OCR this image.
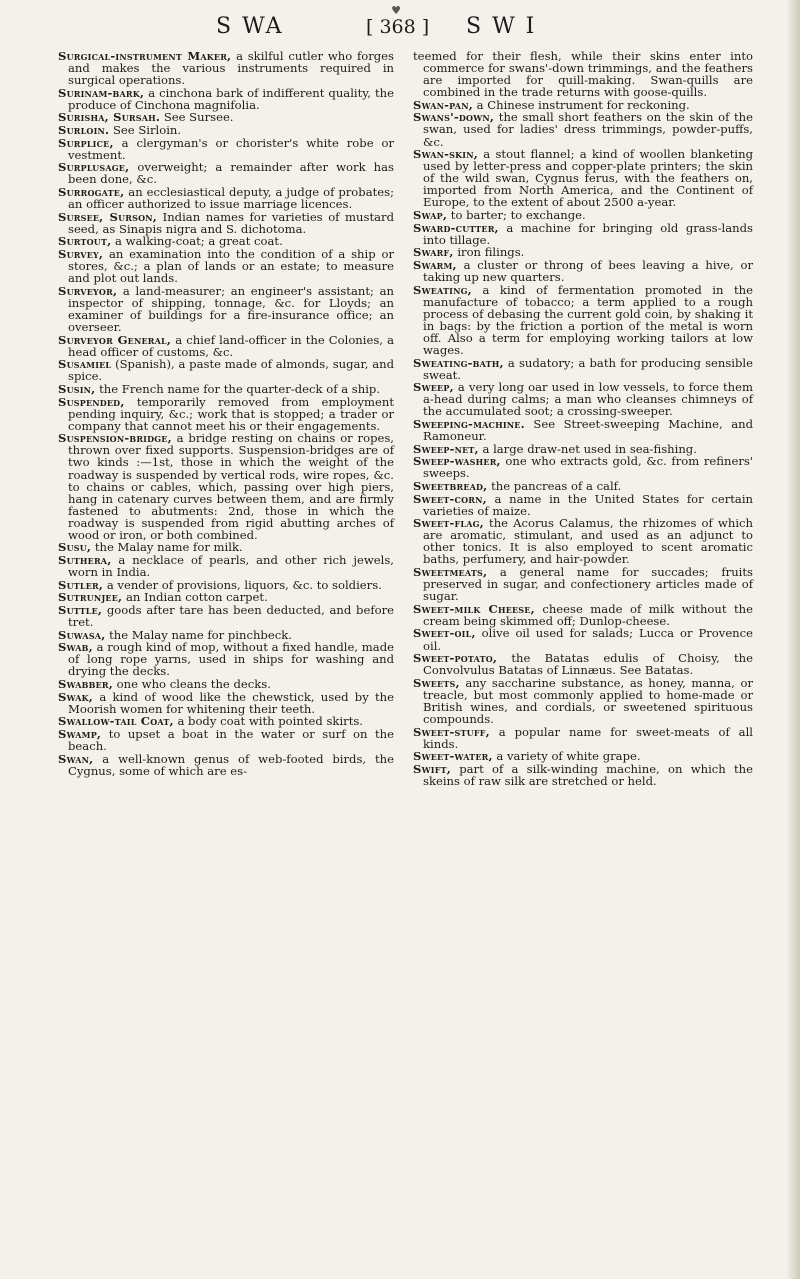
♥
S WA	[ 368 ] S W I

Surgical-instrument Maker, a skilful cutler who forges and makes the various instruments required in surgical operations.

Surinam-bark, a cinchona bark of indifferent quality, the produce of Cinchona magnifolia.

Surisha, Sursah. See Sursee.

Surloin. See Sirloin.

Surplice, a clergyman's or chorister's white robe or vestment.

Surplusage, overweight; a remainder after work has been done, &c.

Surrogate, an ecclesiastical deputy, a judge of probates; an officer authorized to issue marriage licences.

Sursee, Surson, Indian names for varieties of mustard seed, as Sinapis nigra and S. dichotoma.

Surtout, a walking-coat; a great coat.

Survey, an examination into the condition of a ship or stores, &c.; a plan of lands or an estate; to measure and plot out lands.

Surveyor, a land-measurer; an engineer's assistant; an inspector of shipping, tonnage, &c. for Lloyds; an examiner of buildings for a fire-insurance office; an overseer.

Surveyor General, a chief land-officer in the Colonies, a head officer of customs, &c.

Susamiel (Spanish), a paste made of almonds, sugar, and spice.

Susin, the French name for the quarter-deck of a ship.

Suspended, temporarily removed from employment pending inquiry, &c.; work that is stopped; a trader or company that cannot meet his or their engagements.

Suspension-bridge, a bridge resting on chains or ropes, thrown over fixed supports. Suspension-bridges are of two kinds :—1st, those in which the weight of the roadway is suspended by vertical rods, wire ropes, &c. to chains or cables, which, passing over high piers, hang in catenary curves between them, and are firmly fastened to abutments: 2nd, those in which the roadway is suspended from rigid abutting arches of wood or iron, or both combined.

Susu, the Malay name for milk.

Suthera, a necklace of pearls, and other rich jewels, worn in India.

Sutler, a vender of provisions, liquors, &c. to soldiers.

Sutrunjee, an Indian cotton carpet.

Suttle, goods after tare has been deducted, and before tret.

Suwasa, the Malay name for pinchbeck.

Swab, a rough kind of mop, without a fixed handle, made of long rope yarns, used in ships for washing and drying the decks.

Swabber, one who cleans the decks.

Swak, a kind of wood like the chewstick, used by the Moorish women for whitening their teeth.

Swallow-tail Coat, a body coat with pointed skirts.

Swamp, to upset a boat in the water or surf on the beach.

Swan, a well-known genus of web-footed birds, the Cygnus, some of which are es-

teemed for their flesh, while their skins enter into commerce for swans'-down trimmings, and the feathers are imported for quill-making. Swan-quills are combined in the trade returns with goose-quills.

Swan-pan, a Chinese instrument for reckoning.

Swans'-down, the small short feathers on the skin of the swan, used for ladies' dress trimmings, powder-puffs, &c.

Swan-skin, a stout flannel; a kind of woollen blanketing used by letter-press and copper-plate printers; the skin of the wild swan, Cygnus ferus, with the feathers on, imported from North America, and the Continent of Europe, to the extent of about 2500 a-year.

Swap, to barter; to exchange.

Sward-cutter, a machine for bringing old grass-lands into tillage.

Swarf, iron filings.

Swarm, a cluster or throng of bees leaving a hive, or taking up new quarters.

Sweating, a kind of fermentation promoted in the manufacture of tobacco; a term applied to a rough process of debasing the current gold coin, by shaking it in bags: by the friction a portion of the metal is worn off. Also a term for employing working tailors at low wages.

Sweating-bath, a sudatory; a bath for producing sensible sweat.

Sweep, a very long oar used in low vessels, to force them a-head during calms; a man who cleanses chimneys of the accumulated soot; a crossing-sweeper.

Sweeping-machine. See Street-sweeping Machine, and Ramoneur.

Sweep-net, a large draw-net used in sea-fishing.

Sweep-washer, one who extracts gold, &c. from refiners' sweeps.

Sweetbread, the pancreas of a calf.

Sweet-corn, a name in the United States for certain varieties of maize.

Sweet-flag, the Acorus Calamus, the rhizomes of which are aromatic, stimulant, and used as an adjunct to other tonics. It is also employed to scent aromatic baths, perfumery, and hair-powder.

Sweetmeats, a general name for succades; fruits preserved in sugar, and confectionery articles made of sugar.

Sweet-milk Cheese, cheese made of milk without the cream being skimmed off; Dunlop-cheese.

Sweet-oil, olive oil used for salads; Lucca or Provence oil.

Sweet-potato, the Batatas edulis of Choisy, the Convolvulus Batatas of Linnæus. See Batatas.

Sweets, any saccharine substance, as honey, manna, or treacle, but most commonly applied to home-made or British wines, and cordials, or sweetened spirituous compounds.

Sweet-stuff, a popular name for sweet-meats of all kinds.

Sweet-water, a variety of white grape.

Swift, part of a silk-winding machine, on which the skeins of raw silk are stretched or held.
